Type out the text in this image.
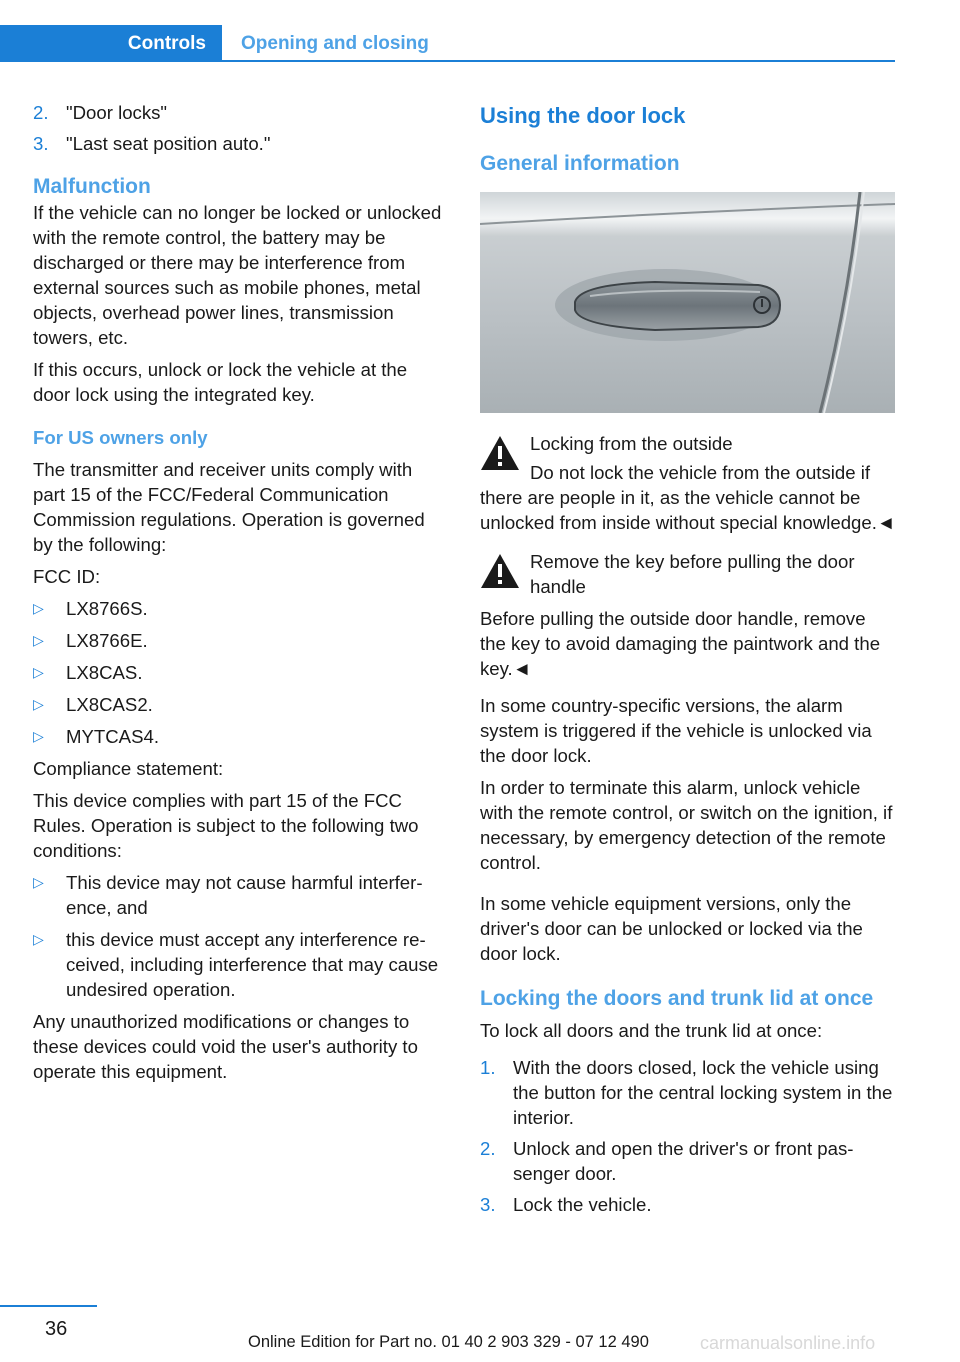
Controls Opening and closing
2. "Door locks"
3. "Last seat position auto."
Malfunction

If the vehicle can no longer be locked or unlocked with the remote control, the battery may be discharged or there may be interference from external sources such as mobile phones, metal objects, overhead power lines, transmission towers, etc.

If this occurs, unlock or lock the vehicle at the door lock using the integrated key.

For US owners only

The transmitter and receiver units comply with part 15 of the FCC/Federal Communication Commission regulations. Operation is governed by the following:

FCC ID:

▷ LX8766S.
▷ LX8766E.
▷ LX8CAS.
▷ LX8CAS2.
▷ MYTCAS4.

Compliance statement:

This device complies with part 15 of the FCC Rules. Operation is subject to the following two conditions:

▷ This device may not cause harmful interference, and
▷ this device must accept any interference received, including interference that may cause undesired operation.

Any unauthorized modifications or changes to these devices could void the user's authority to operate this equipment.

Using the door lock
General information

Locking from the outside

Do not lock the vehicle from the outside if there are people in it, as the vehicle cannot be unlocked from inside without special knowledge.◄

Remove the key before pulling the door handle

Before pulling the outside door handle, remove the key to avoid damaging the paintwork and the key.◄

In some country-specific versions, the alarm system is triggered if the vehicle is unlocked via the door lock.

In order to terminate this alarm, unlock vehicle with the remote control, or switch on the ignition, if necessary, by emergency detection of the remote control.

In some vehicle equipment versions, only the driver's door can be unlocked or locked via the door lock.

Locking the doors and trunk lid at once

To lock all doors and the trunk lid at once:

1. With the doors closed, lock the vehicle using the button for the central locking system in the interior.
2. Unlock and open the driver's or front passenger door.
3. Lock the vehicle.
36
Online Edition for Part no. 01 40 2 903 329 - 07 12 490	carmanualsonline.info
